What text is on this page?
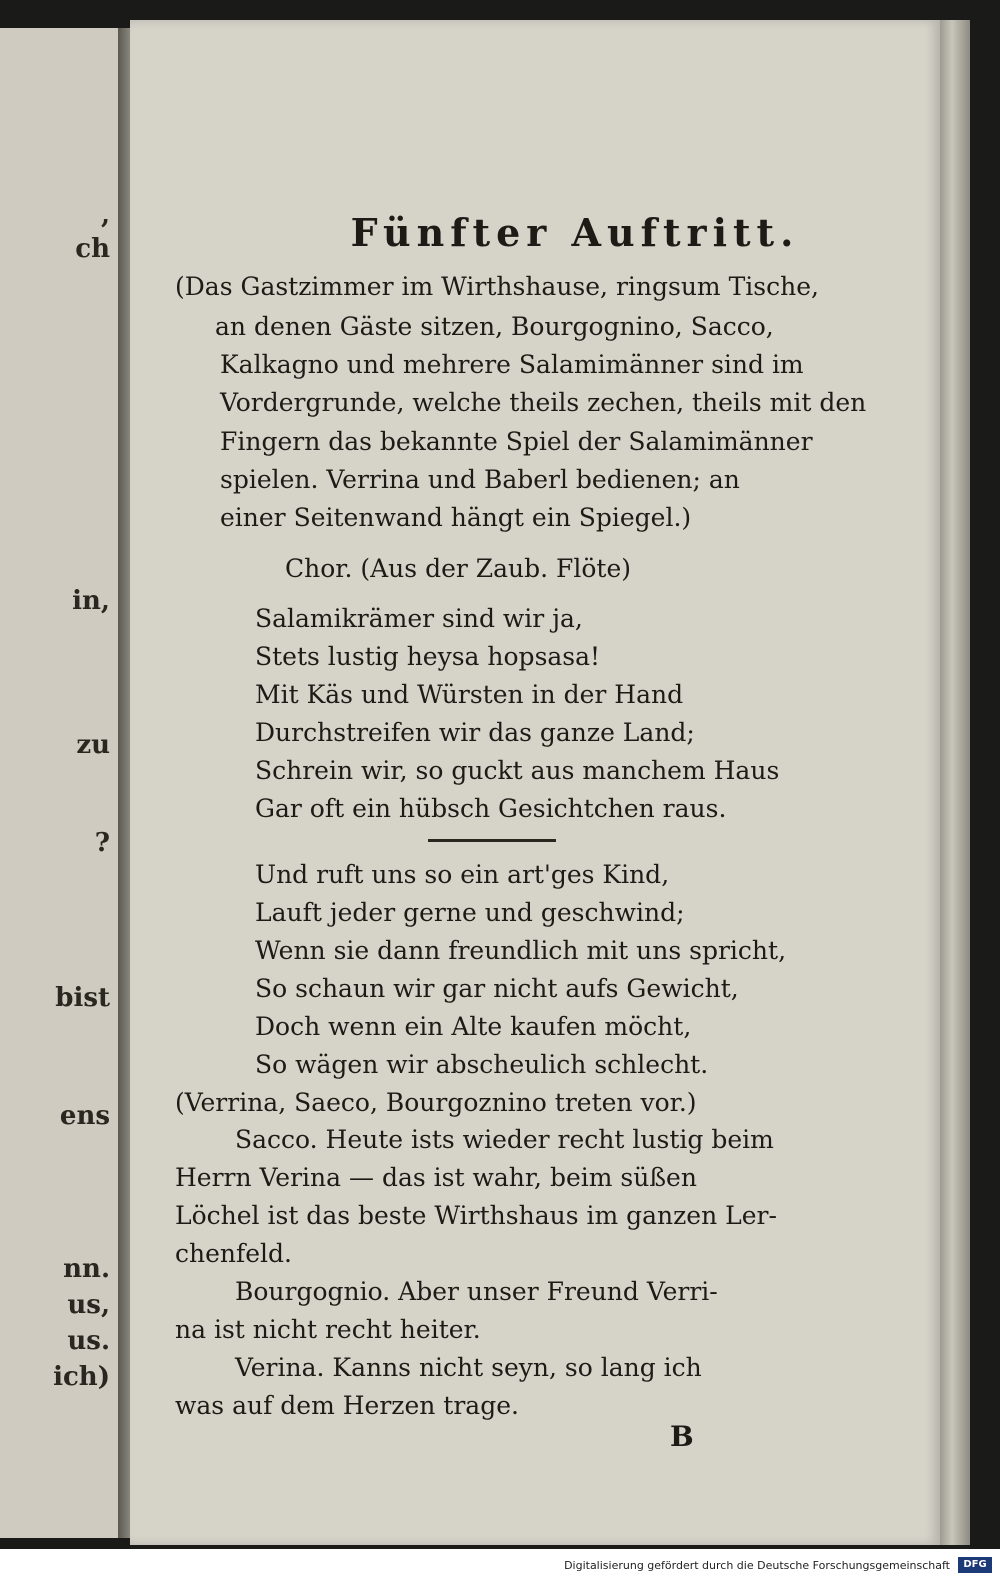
,
ch
in,
zu
?
bist
ens
nn.
us,
us.
ich)
Fünfter Auftritt.
(Das Gastzimmer im Wirthshause, ringsum Tische,
an denen Gäste sitzen, Bourgognino, Sacco,
Kalkagno und mehrere Salamimänner sind im
Vordergrunde, welche theils zechen, theils mit den
Fingern das bekannte Spiel der Salamimänner
spielen. Verrina und Baberl bedienen; an
einer Seitenwand hängt ein Spiegel.)
Chor. (Aus der Zaub. Flöte)
Salamikrämer sind wir ja,
Stets lustig heysa hopsasa!
Mit Käs und Würsten in der Hand
Durchstreifen wir das ganze Land;
Schrein wir, so guckt aus manchem Haus
Gar oft ein hübsch Gesichtchen raus.
Und ruft uns so ein art'ges Kind,
Lauft jeder gerne und geschwind;
Wenn sie dann freundlich mit uns spricht,
So schaun wir gar nicht aufs Gewicht,
Doch wenn ein Alte kaufen möcht,
So wägen wir abscheulich schlecht.
(Verrina, Saeco, Bourgoznino treten vor.)
Sacco. Heute ists wieder recht lustig beim
Herrn Verina — das ist wahr, beim süßen
Löchel ist das beste Wirthshaus im ganzen Ler-
chenfeld.
Bourgognio. Aber unser Freund Verri-
na ist nicht recht heiter.
Verina. Kanns nicht seyn, so lang ich
was auf dem Herzen trage.
B
Digitalisierung gefördert durch die Deutsche Forschungsgemeinschaft	DFG
